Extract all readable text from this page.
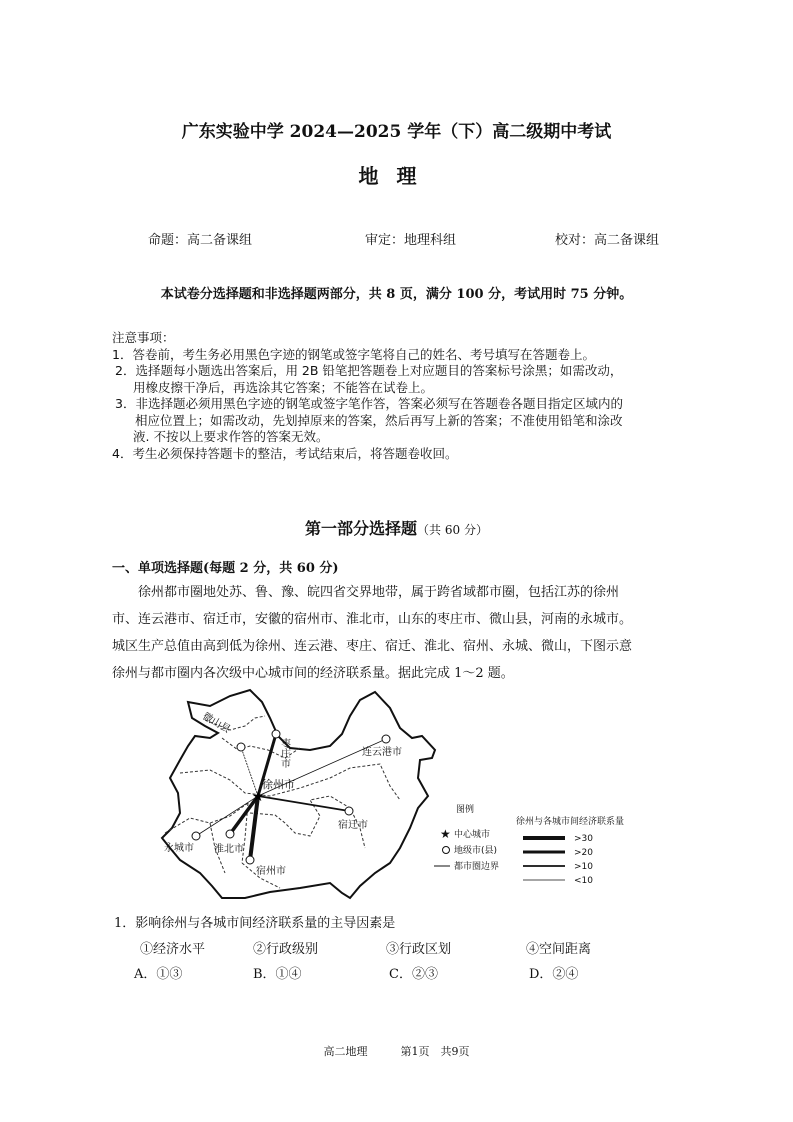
广东实验中学 2024—2025 学年（下）高二级期中考试
地理
命题：高二备课组	审定：地理科组	校对：高二备课组
本试卷分选择题和非选择题两部分，共 8 页，满分 100 分，考试用时 75 分钟。
注意事项：
1．答卷前，考生务必用黑色字迹的钢笔或签字笔将自己的姓名、考号填写在答题卷上。
2．选择题每小题选出答案后，用 2B 铅笔把答题卷上对应题目的答案标号涂黑；如需改动，
用橡皮擦干净后，再选涂其它答案；不能答在试卷上。
3．非选择题必须用黑色字迹的钢笔或签字笔作答，答案必须写在答题卷各题目指定区域内的
相应位置上；如需改动，先划掉原来的答案，然后再写上新的答案；不准使用铅笔和涂改
液. 不按以上要求作答的答案无效。
4．考生必须保持答题卡的整洁，考试结束后，将答题卷收回。
第一部分选择题（共 60 分）
一、单项选择题(每题 2 分，共 60 分)
徐州都市圈地处苏、鲁、豫、皖四省交界地带，属于跨省域都市圈，包括江苏的徐州
市、连云港市、宿迁市，安徽的宿州市、淮北市，山东的枣庄市、微山县，河南的永城市。
城区生产总值由高到低为徐州、连云港、枣庄、宿迁、淮北、宿州、永城、微山，下图示意
徐州与都市圈内各次级中心城市间的经济联系量。据此完成 1～2 题。
★
徐州市
微山县
枣庄市	连云港市
宿迁市
永城市 淮北市
宿州市
图例
★ 中心城市
地级市(县)
都市圈边界
徐州与各城市间经济联系量
>30
>20
>10
<10
1．影响徐州与各城市间经济联系量的主导因素是
①经济水平	②行政级别	③行政区划	④空间距离
A．①③	B．①④	C．②③	D．②④
高二地理　　　第1页　共9页
